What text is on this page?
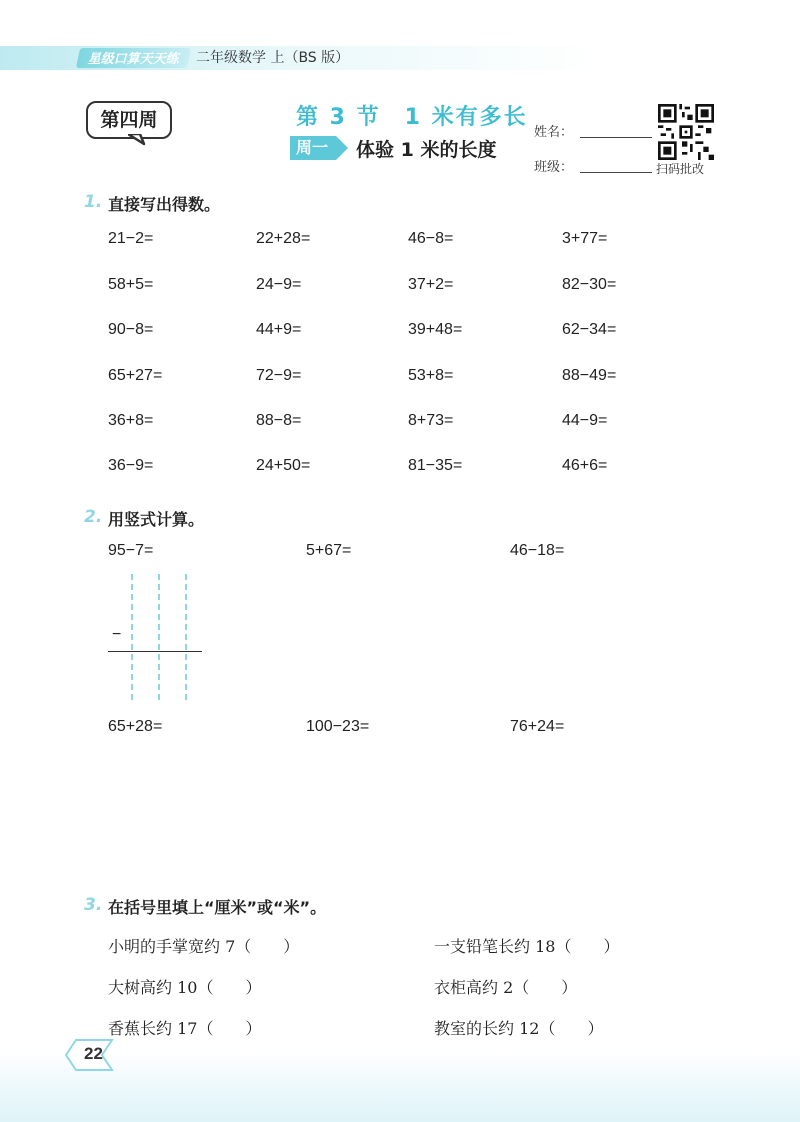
星级口算天天练	二年级数学 上（BS 版）
第四周	第 3 节　1 米有多长
周一 体验 1 米的长度
姓名：
班级：	扫码批改
1. 直接写出得数。
21−2=	22+28=	46−8=	3+77=
58+5=	24−9=	37+2=	82−30=
90−8=	44+9=	39+48=	62−34=
65+27=	72−9=	53+8=	88−49=
36+8=	88−8=	8+73=	44−9=
36−9=	24+50=	81−35=	46+6=
2. 用竖式计算。
95−7=	5+67=	46−18=
−
65+28=	100−23=	76+24=
3. 在括号里填上“厘米”或“米”。
小明的手掌宽约 7（　　）	一支铅笔长约 18（　　）
大树高约 10（　　）	衣柜高约 2（　　）
香蕉长约 17（　　）	教室的长约 12（　　）
22
